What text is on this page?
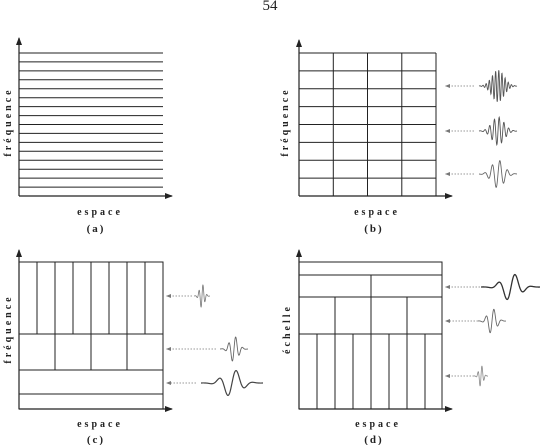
54
fréquence
espace
(a)
fréquence
espace
(b)
fréquence
espace
(c)
échelle
espace
(d)
